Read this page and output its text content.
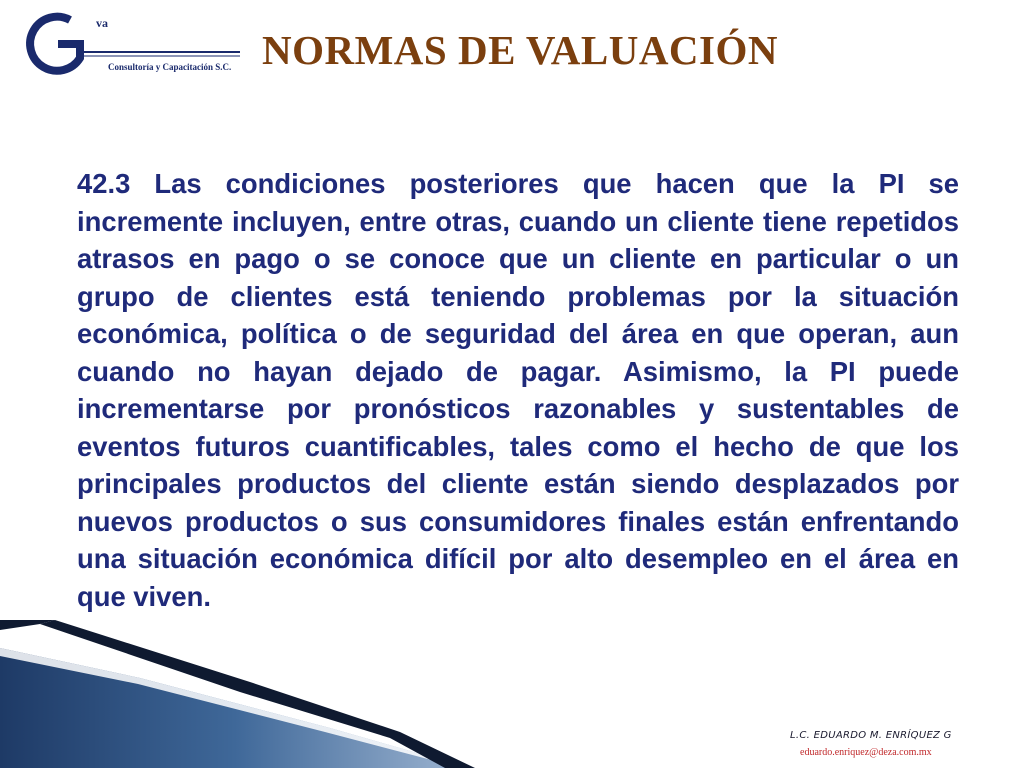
va
Consultoría y Capacitación S.C. NORMAS DE VALUACIÓN
42.3 Las condiciones posteriores que hacen que la PI se incremente incluyen, entre otras, cuando un cliente tiene repetidos atrasos en pago o se conoce que un cliente en particular o un grupo de clientes está teniendo problemas por la situación económica, política o de seguridad del área en que operan, aun cuando no hayan dejado de pagar. Asimismo, la PI puede incrementarse por pronósticos razonables y sustentables de eventos futuros cuantificables, tales como el hecho de que los principales productos del cliente están siendo desplazados por nuevos productos o sus consumidores finales están enfrentando una situación económica difícil por alto desempleo en el área en que viven.
L.C. EDUARDO M. ENRÍQUEZ G
eduardo.enriquez@deza.com.mx
